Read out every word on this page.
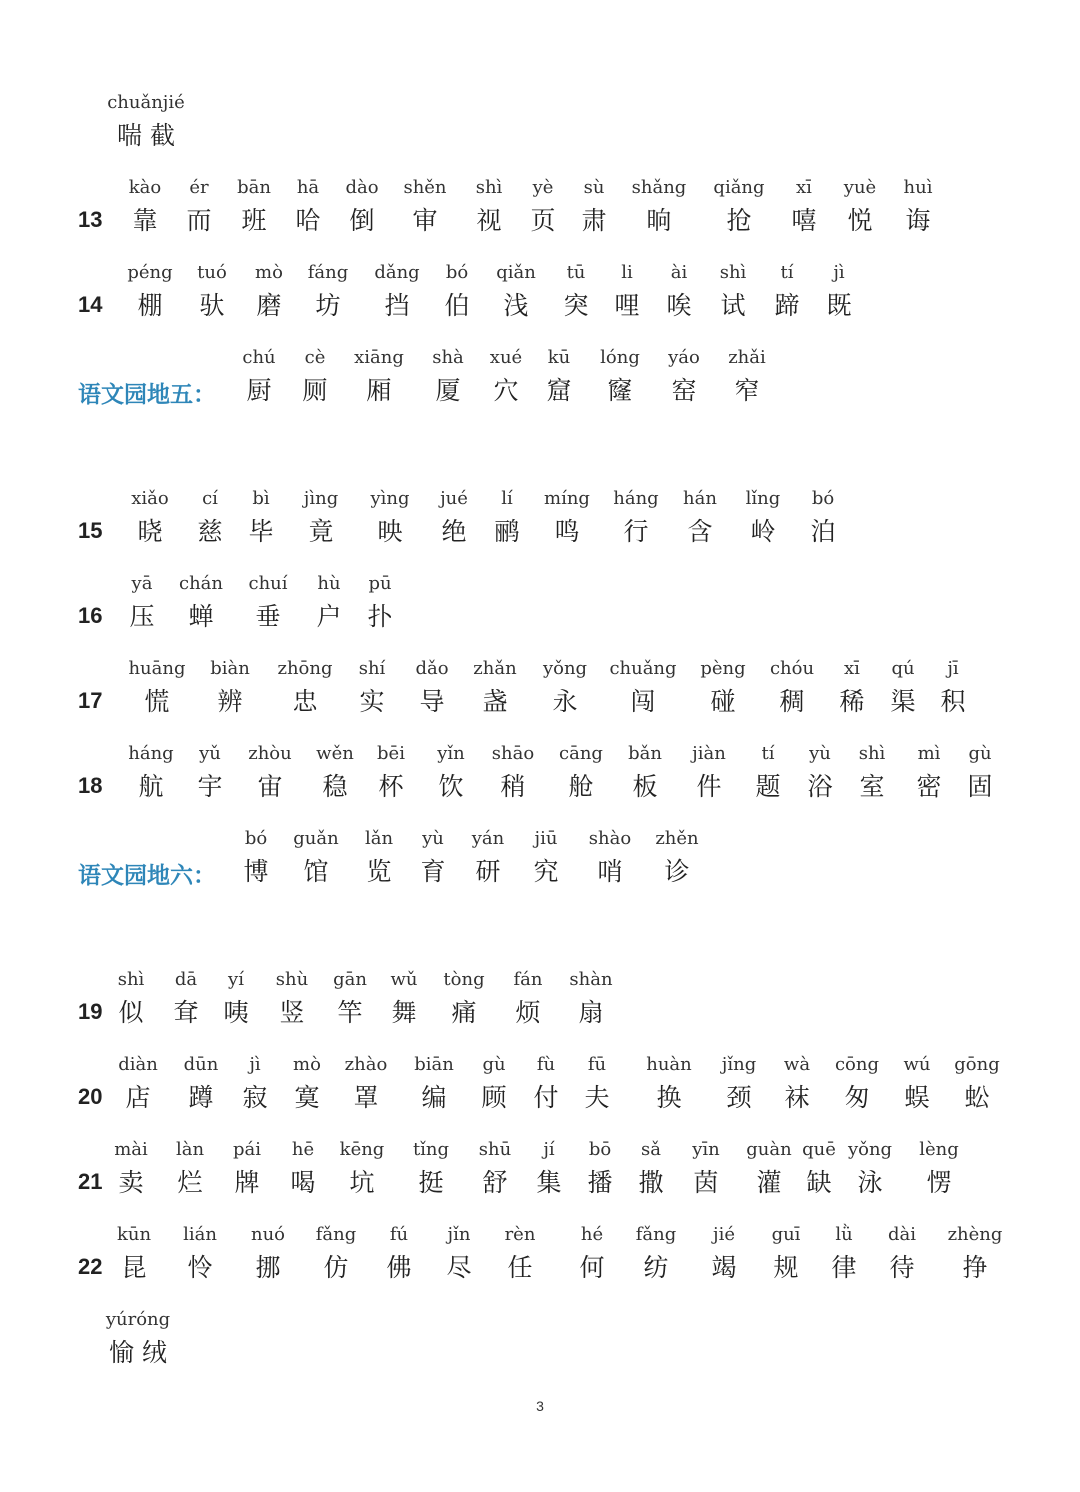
3
chuǎnjié
喘 截
13
kào
靠
ér
而
bān
班
hā
哈
dào
倒
shěn
审
shì
视
yè
页
sù
肃
shǎng
晌
qiǎng
抢
xī
嘻
yuè
悦
huì
诲
14
péng
棚
tuó
驮
mò
磨
fáng
坊
dǎng
挡
bó
伯
qiǎn
浅
tū
突
li
哩
ài
唉
shì
试
tí
蹄
jì
既
语文园地五：
chú
厨
cè
厕
xiāng
厢
shà
厦
xué
穴
kū
窟
lóng
窿
yáo
窑
zhǎi
窄
15
xiǎo
晓
cí
慈
bì
毕
jìng
竟
yìng
映
jué
绝
lí
鹂
míng
鸣
háng
行
hán
含
lǐng
岭
bó
泊
16
yā
压
chán
蝉
chuí
垂
hù
户
pū
扑
17
huāng
慌
biàn
辨
zhōng
忠
shí
实
dǎo
导
zhǎn
盏
yǒng
永
chuǎng
闯
pèng
碰
chóu
稠
xī
稀
qú
渠
jī
积
18
háng
航
yǔ
宇
zhòu
宙
wěn
稳
bēi
杯
yǐn
饮
shāo
稍
cāng
舱
bǎn
板
jiàn
件
tí
题
yù
浴
shì
室
mì
密
gù
固
语文园地六：
bó
博
guǎn
馆
lǎn
览
yù
育
yán
研
jiū
究
shào
哨
zhěn
诊
19
shì
似
dā
耷
yí
咦
shù
竖
gān
竿
wǔ
舞
tòng
痛
fán
烦
shàn
扇
20
diàn
店
dūn
蹲
jì
寂
mò
寞
zhào
罩
biān
编
gù
顾
fù
付
fū
夫
huàn
换
jǐng
颈
wà
袜
cōng
匆
wú
蜈
gōng
蚣
21
mài
卖
làn
烂
pái
牌
hē
喝
kēng
坑
tǐng
挺
shū
舒
jí
集
bō
播
sǎ
撒
yīn
茵
guàn
灌
quē
缺
yǒng
泳
lèng
愣
22
kūn
昆
lián
怜
nuó
挪
fǎng
仿
fú
佛
jǐn
尽
rèn
任
hé
何
fǎng
纺
jié
竭
guī
规
lǜ
律
dài
待
zhèng
挣
yúróng
愉 绒
